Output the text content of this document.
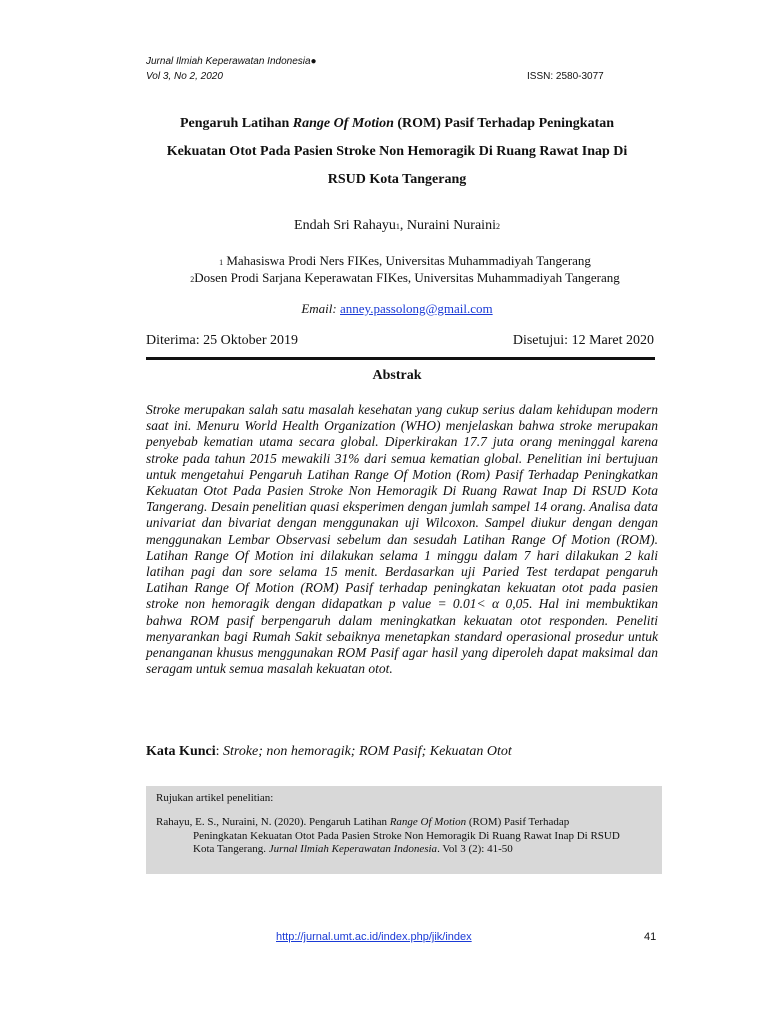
Jurnal Ilmiah Keperawatan Indonesia●
Vol 3, No 2, 2020	ISSN: 2580-3077
Pengaruh Latihan Range Of Motion (ROM) Pasif Terhadap Peningkatan
Kekuatan Otot Pada Pasien Stroke Non Hemoragik Di Ruang Rawat Inap Di
RSUD Kota Tangerang
Endah Sri Rahayu1, Nuraini Nuraini2
1 Mahasiswa Prodi Ners FIKes, Universitas Muhammadiyah Tangerang
2Dosen Prodi Sarjana Keperawatan FIKes, Universitas Muhammadiyah Tangerang
Email: anney.passolong@gmail.com
Diterima: 25 Oktober 2019	Disetujui: 12 Maret 2020
Abstrak
Stroke merupakan salah satu masalah kesehatan yang cukup serius dalam kehidupan modern saat ini. Menuru World Health Organization (WHO) menjelaskan bahwa stroke merupakan penyebab kematian utama secara global. Diperkirakan 17.7 juta orang meninggal karena stroke pada tahun 2015 mewakili 31% dari semua kematian global. Penelitian ini bertujuan untuk mengetahui Pengaruh Latihan Range Of Motion (Rom) Pasif Terhadap Peningkatkan Kekuatan Otot Pada Pasien Stroke Non Hemoragik Di Ruang Rawat Inap Di RSUD Kota Tangerang. Desain penelitian quasi eksperimen dengan jumlah sampel 14 orang. Analisa data univariat dan bivariat dengan menggunakan uji Wilcoxon. Sampel diukur dengan dengan menggunakan Lembar Observasi sebelum dan sesudah Latihan Range Of Motion (ROM). Latihan Range Of Motion ini dilakukan selama 1 minggu dalam 7 hari dilakukan 2 kali latihan pagi dan sore selama 15 menit. Berdasarkan uji Paried Test terdapat pengaruh Latihan Range Of Motion (ROM) Pasif terhadap peningkatan kekuatan otot pada pasien stroke non hemoragik dengan didapatkan p value = 0.01< α 0,05. Hal ini membuktikan bahwa ROM pasif berpengaruh dalam meningkatkan kekuatan otot responden. Peneliti menyarankan bagi Rumah Sakit sebaiknya menetapkan standard operasional prosedur untuk penanganan khusus menggunakan ROM Pasif agar hasil yang diperoleh dapat maksimal dan seragam untuk semua masalah kekuatan otot.
Kata Kunci: Stroke; non hemoragik; ROM Pasif; Kekuatan Otot
Rujukan artikel penelitian:
Rahayu, E. S., Nuraini, N. (2020). Pengaruh Latihan Range Of Motion (ROM) Pasif Terhadap
Peningkatan Kekuatan Otot Pada Pasien Stroke Non Hemoragik Di Ruang Rawat Inap Di RSUD
Kota Tangerang. Jurnal Ilmiah Keperawatan Indonesia. Vol 3 (2): 41-50
http://jurnal.umt.ac.id/index.php/jik/index	41
